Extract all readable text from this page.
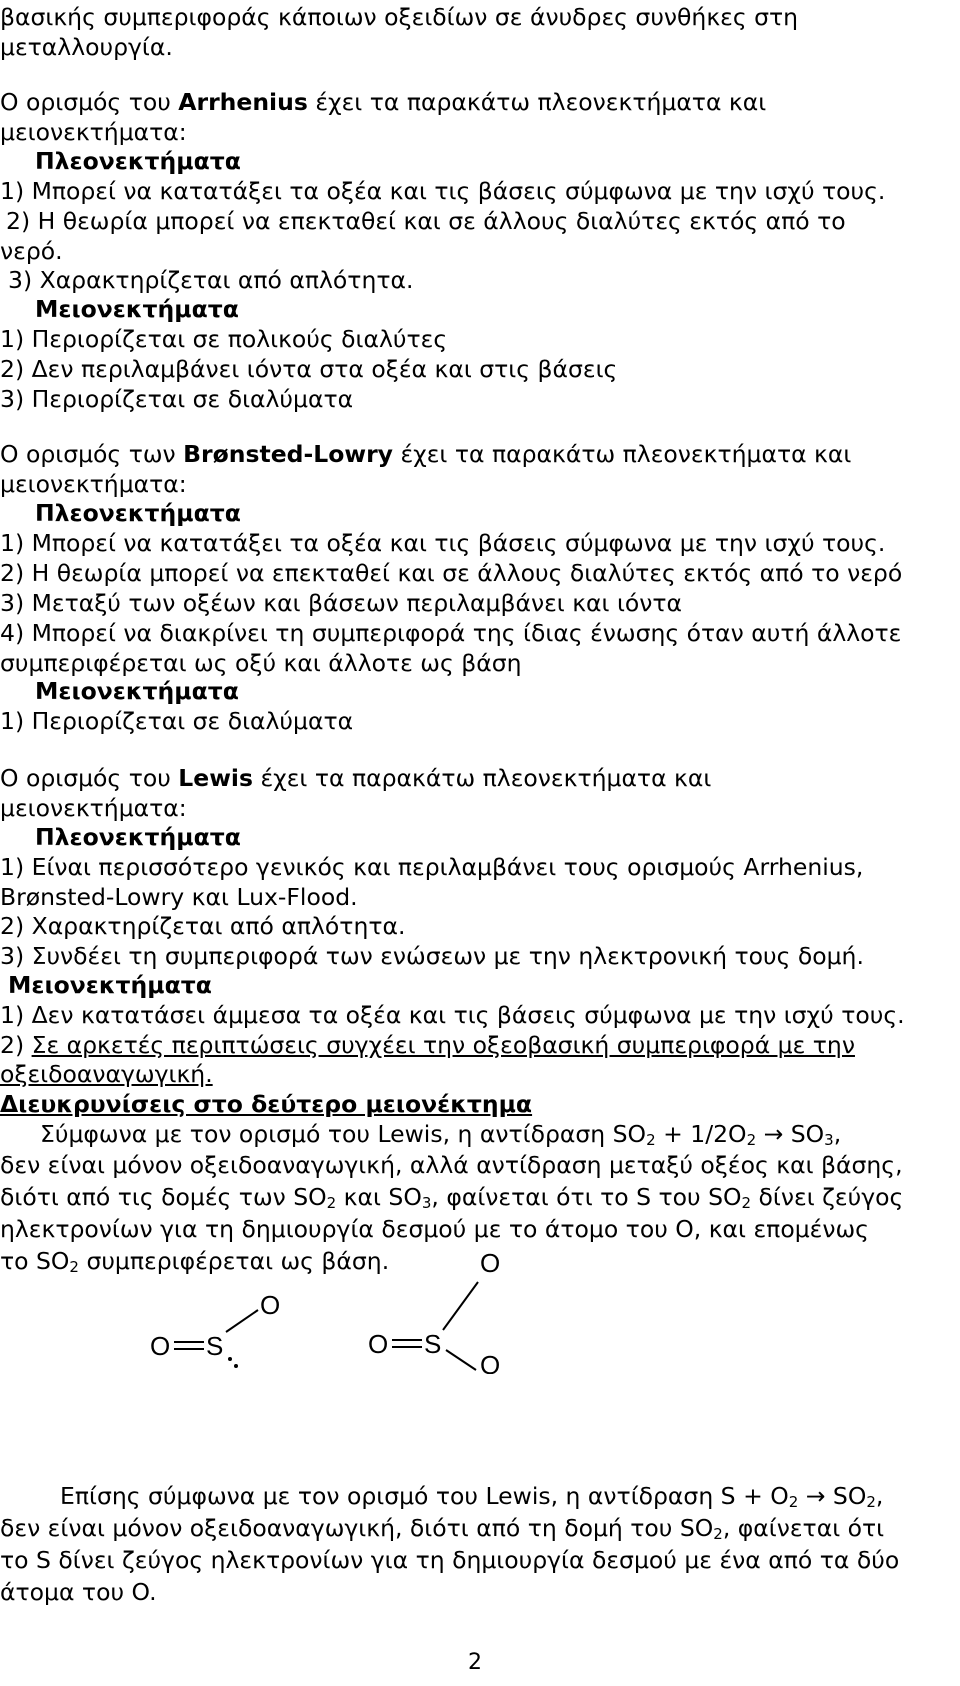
βασικής συμπεριφοράς κάποιων οξειδίων σε άνυδρες συνθήκες στη
μεταλλουργία.
Ο ορισμός του Arrhenius έχει τα παρακάτω πλεονεκτήματα και
μειονεκτήματα:
Πλεονεκτήματα
1) Μπορεί να κατατάξει τα οξέα και τις βάσεις σύμφωνα με την ισχύ τους.
2) Η θεωρία μπορεί να επεκταθεί και σε άλλους διαλύτες εκτός από το
νερό.
3) Χαρακτηρίζεται από απλότητα.
Μειονεκτήματα
1) Περιορίζεται σε πολικούς διαλύτες
2) Δεν περιλαμβάνει ιόντα στα οξέα και στις βάσεις
3) Περιορίζεται σε διαλύματα
Ο ορισμός των Brønsted-Lowry έχει τα παρακάτω πλεονεκτήματα και
μειονεκτήματα:
Πλεονεκτήματα
1) Μπορεί να κατατάξει τα οξέα και τις βάσεις σύμφωνα με την ισχύ τους.
2) Η θεωρία μπορεί να επεκταθεί και σε άλλους διαλύτες εκτός από το νερό
3) Μεταξύ των οξέων και βάσεων περιλαμβάνει και ιόντα
4) Μπορεί να διακρίνει τη συμπεριφορά της ίδιας ένωσης όταν αυτή άλλοτε
συμπεριφέρεται ως οξύ και άλλοτε ως βάση
Μειονεκτήματα
1) Περιορίζεται σε διαλύματα
Ο ορισμός του Lewis έχει τα παρακάτω πλεονεκτήματα και
μειονεκτήματα:
Πλεονεκτήματα
1) Είναι περισσότερο γενικός και περιλαμβάνει τους ορισμούς Arrhenius,
Brønsted-Lowry και Lux-Flood.
2) Χαρακτηρίζεται από απλότητα.
3) Συνδέει τη συμπεριφορά των ενώσεων με την ηλεκτρονική τους δομή.
Μειονεκτήματα
1) Δεν κατατάσει άμμεσα τα οξέα και τις βάσεις σύμφωνα με την ισχύ τους.
2) Σε αρκετές περιπτώσεις συγχέει την οξεοβασική συμπεριφορά με την
οξειδοαναγωγική.
Διευκρυνίσεις στο δεύτερο μειονέκτημα
Σύμφωνα με τον ορισμό του Lewis, η αντίδραση $SO_2 + 1/2O_2 \to SO_3$,
δεν είναι μόνον οξειδοαναγωγική, αλλά αντίδραση μεταξύ οξέος και βάσης,
διότι από τις δομές των $SO_2$ και $SO_3$, φαίνεται ότι το S του $SO_2$ δίνει ζεύγος
ηλεκτρονίων για τη δημιουργία δεσμού με το άτομο του O, και επομένως
το $SO_2$ συμπεριφέρεται ως βάση.
O S
O
O
O S
O
Επίσης σύμφωνα με τον ορισμό του Lewis, η αντίδραση $S + O_2 \to SO_2$,
δεν είναι μόνον οξειδοαναγωγική, διότι από τη δομή του $SO_2$, φαίνεται ότι
το S δίνει ζεύγος ηλεκτρονίων για τη δημιουργία δεσμού με ένα από τα δύο
άτομα του O.
2
